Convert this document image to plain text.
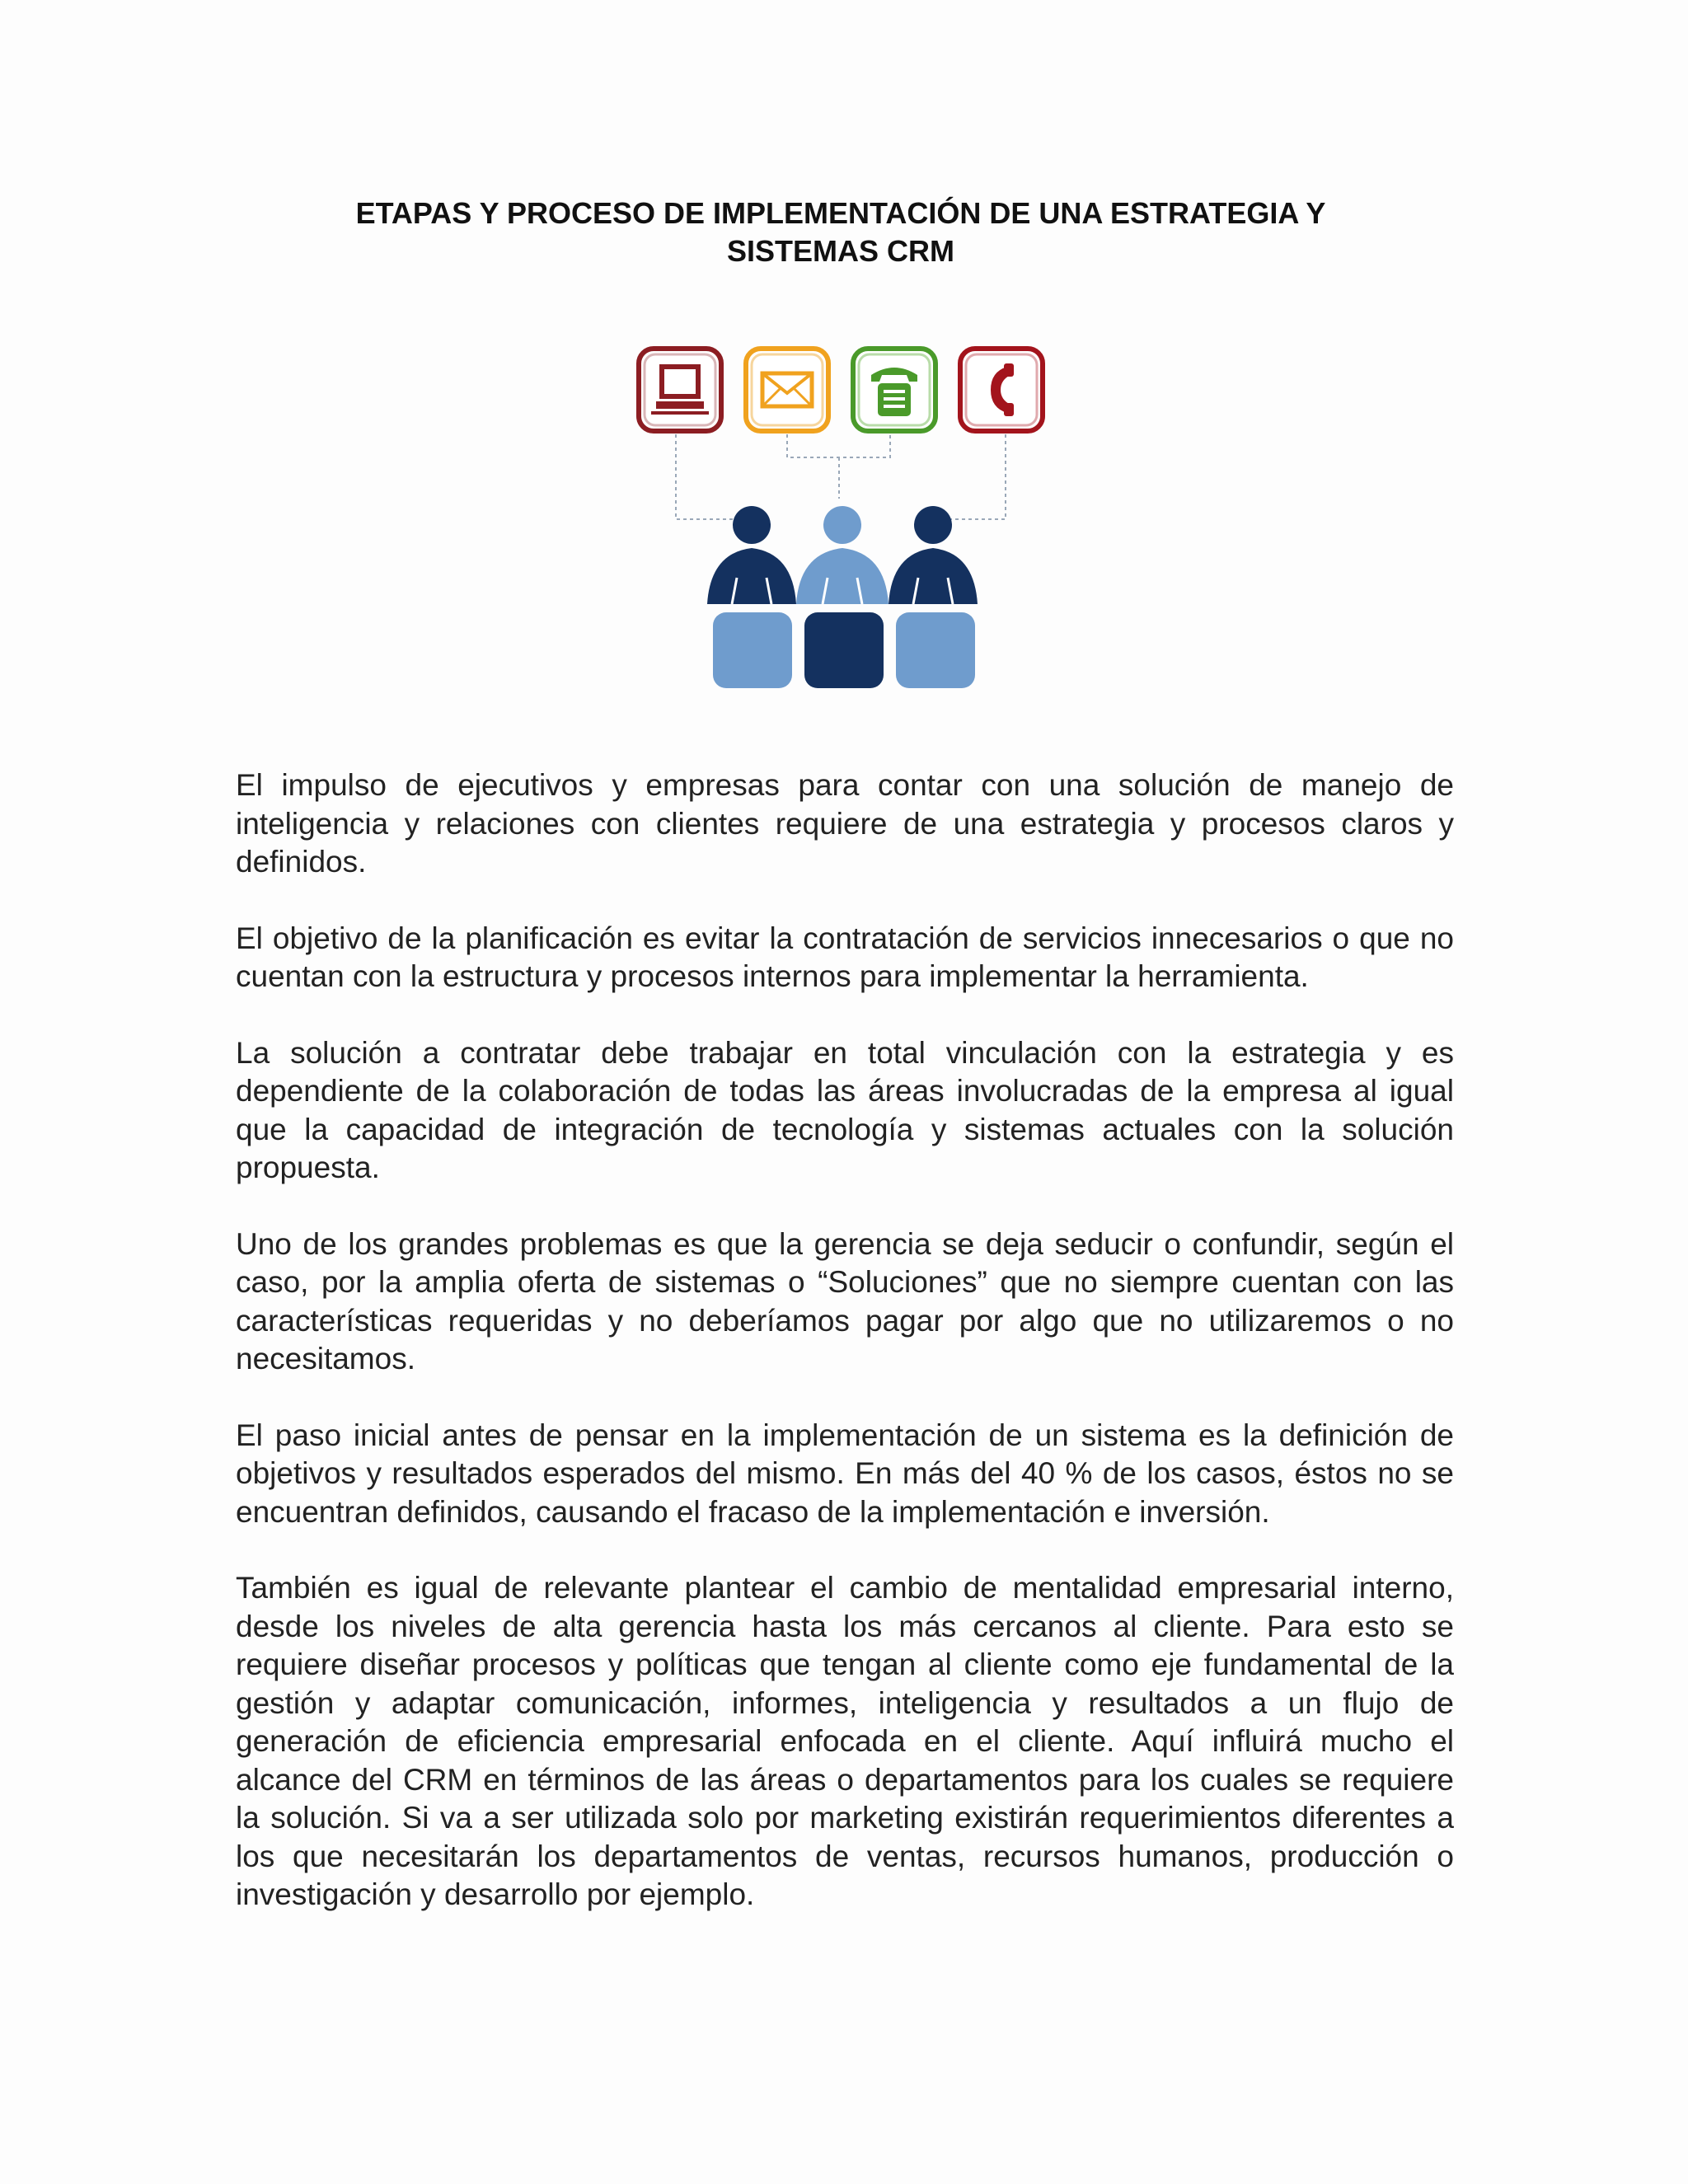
ETAPAS Y PROCESO DE IMPLEMENTACIÓN DE UNA ESTRATEGIA Y
SISTEMAS CRM

El impulso de ejecutivos y empresas para contar con una solución de manejo de inteligencia y relaciones con clientes requiere de una estrategia y procesos claros y definidos.

El objetivo de la planificación es evitar la contratación de servicios innecesarios o que no cuentan con la estructura y procesos internos para implementar la herramienta.

La solución a contratar debe trabajar en total vinculación con la estrategia y es dependiente de la colaboración de todas las áreas involucradas de la empresa al igual que la capacidad de integración de tecnología y sistemas actuales con la solución propuesta.

Uno de los grandes problemas es que la gerencia se deja seducir o confundir, según el caso, por la amplia oferta de sistemas o “Soluciones” que no siempre cuentan con las características requeridas y no deberíamos pagar por algo que no utilizaremos o no necesitamos.

El paso inicial antes de pensar en la implementación de un sistema es la definición de objetivos y resultados esperados del mismo. En más del 40 % de los casos, éstos no se encuentran definidos, causando el fracaso de la implementación e inversión.

También es igual de relevante plantear el cambio de mentalidad empresarial interno, desde los niveles de alta gerencia hasta los más cercanos al cliente. Para esto se requiere diseñar procesos y políticas que tengan al cliente como eje fundamental de la gestión y adaptar comunicación, informes, inteligencia y resultados a un flujo de generación de eficiencia empresarial enfocada en el cliente. Aquí influirá mucho el alcance del CRM en términos de las áreas o departamentos para los cuales se requiere la solución. Si va a ser utilizada solo por marketing existirán requerimientos diferentes a los que necesitarán los departamentos de ventas, recursos humanos, producción o investigación y desarrollo por ejemplo.
